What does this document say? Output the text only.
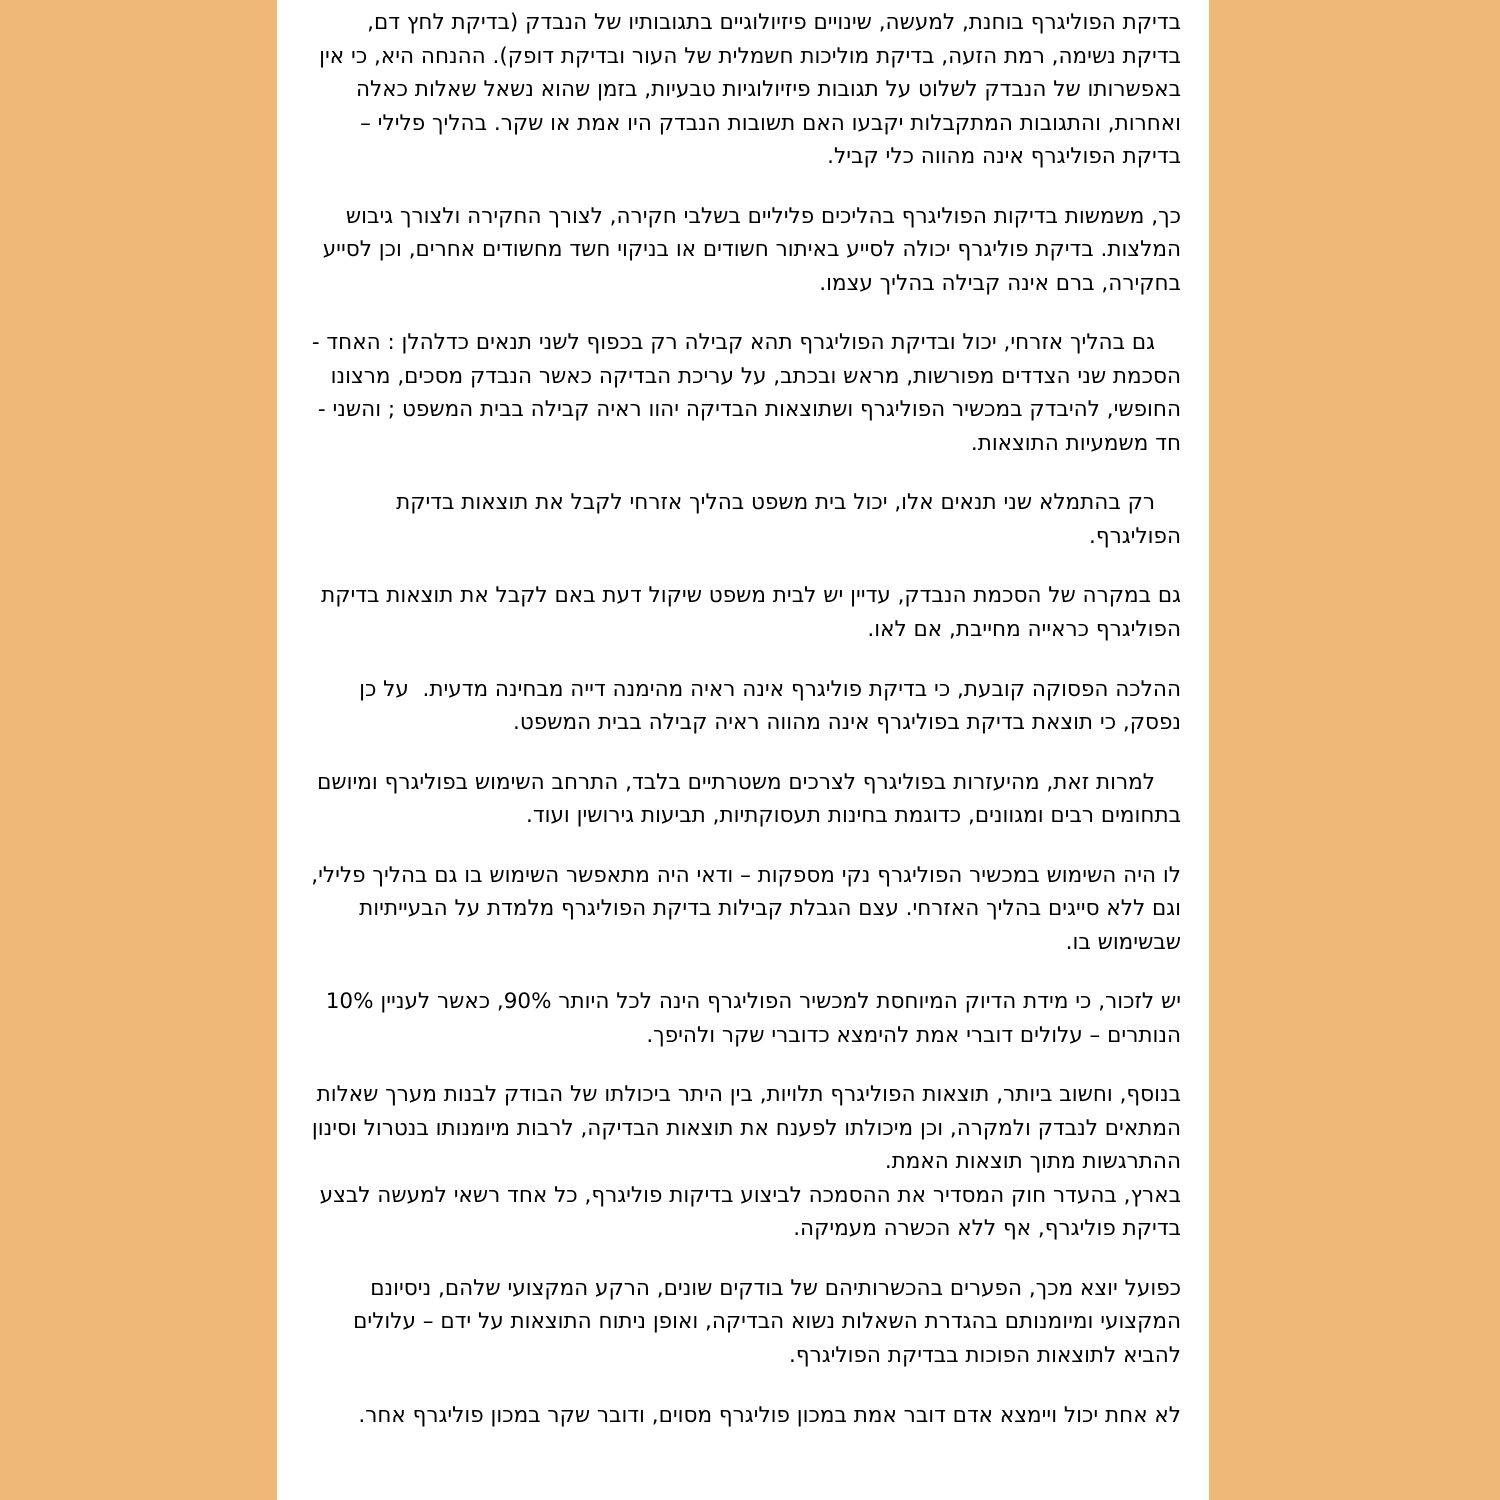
בדיקת הפוליגרף בוחנת, למעשה, שינויים פיזיולוגיים בתגובותיו של הנבדק (בדיקת לחץ דם, בדיקת נשימה, רמת הזעה, בדיקת מוליכות חשמלית של העור ובדיקת דופק). ההנחה היא, כי אין באפשרותו של הנבדק לשלוט על תגובות פיזיולוגיות טבעיות, בזמן שהוא נשאל שאלות כאלה ואחרות, והתגובות המתקבלות יקבעו האם תשובות הנבדק היו אמת או שקר. בהליך פלילי – בדיקת הפוליגרף אינה מהווה כלי קביל.

כך, משמשות בדיקות הפוליגרף בהליכים פליליים בשלבי חקירה, לצורך החקירה ולצורך גיבוש המלצות. בדיקת פוליגרף יכולה לסייע באיתור חשודים או בניקוי חשד מחשודים אחרים, וכן לסייע בחקירה, ברם אינה קבילה בהליך עצמו.

גם בהליך אזרחי, יכול ובדיקת הפוליגרף תהא קבילה רק בכפוף לשני תנאים כדלהלן : האחד - הסכמת שני הצדדים מפורשות, מראש ובכתב, על עריכת הבדיקה כאשר הנבדק מסכים, מרצונו החופשי, להיבדק במכשיר הפוליגרף ושתוצאות הבדיקה יהוו ראיה קבילה בבית המשפט ; והשני - חד משמעיות התוצאות.

רק בהתמלא שני תנאים אלו, יכול בית משפט בהליך אזרחי לקבל את תוצאות בדיקת הפוליגרף.

גם במקרה של הסכמת הנבדק, עדיין יש לבית משפט שיקול דעת באם לקבל את תוצאות בדיקת הפוליגרף כראייה מחייבת, אם לאו.

ההלכה הפסוקה קובעת, כי בדיקת פוליגרף אינה ראיה מהימנה דייה מבחינה מדעית.  על כן נפסק, כי תוצאת בדיקת בפוליגרף אינה מהווה ראיה קבילה בבית המשפט.

למרות זאת, מהיעזרות בפוליגרף לצרכים משטרתיים בלבד, התרחב השימוש בפוליגרף ומיושם בתחומים רבים ומגוונים, כדוגמת בחינות תעסוקתיות, תביעות גירושין ועוד.

לו היה השימוש במכשיר הפוליגרף נקי מספקות – ודאי היה מתאפשר השימוש בו גם בהליך פלילי, וגם ללא סייגים בהליך האזרחי. עצם הגבלת קבילות בדיקת הפוליגרף מלמדת על הבעייתיות שבשימוש בו.

יש לזכור, כי מידת הדיוק המיוחסת למכשיר הפוליגרף הינה לכל היותר 90%, כאשר לעניין 10% הנותרים – עלולים דוברי אמת להימצא כדוברי שקר ולהיפך.

בנוסף, וחשוב ביותר, תוצאות הפוליגרף תלויות, בין היתר ביכולתו של הבודק לבנות מערך שאלות המתאים לנבדק ולמקרה, וכן מיכולתו לפענח את תוצאות הבדיקה, לרבות מיומנותו בנטרול וסינון ההתרגשות מתוך תוצאות האמת.

בארץ, בהעדר חוק המסדיר את ההסמכה לביצוע בדיקות פוליגרף, כל אחד רשאי למעשה לבצע בדיקת פוליגרף, אף ללא הכשרה מעמיקה.

כפועל יוצא מכך, הפערים בהכשרותיהם של בודקים שונים, הרקע המקצועי שלהם, ניסיונם המקצועי ומיומנותם בהגדרת השאלות נשוא הבדיקה, ואופן ניתוח התוצאות על ידם – עלולים להביא לתוצאות הפוכות בבדיקת הפוליגרף.

לא אחת יכול ויימצא אדם דובר אמת במכון פוליגרף מסוים, ודובר שקר במכון פוליגרף אחר.
